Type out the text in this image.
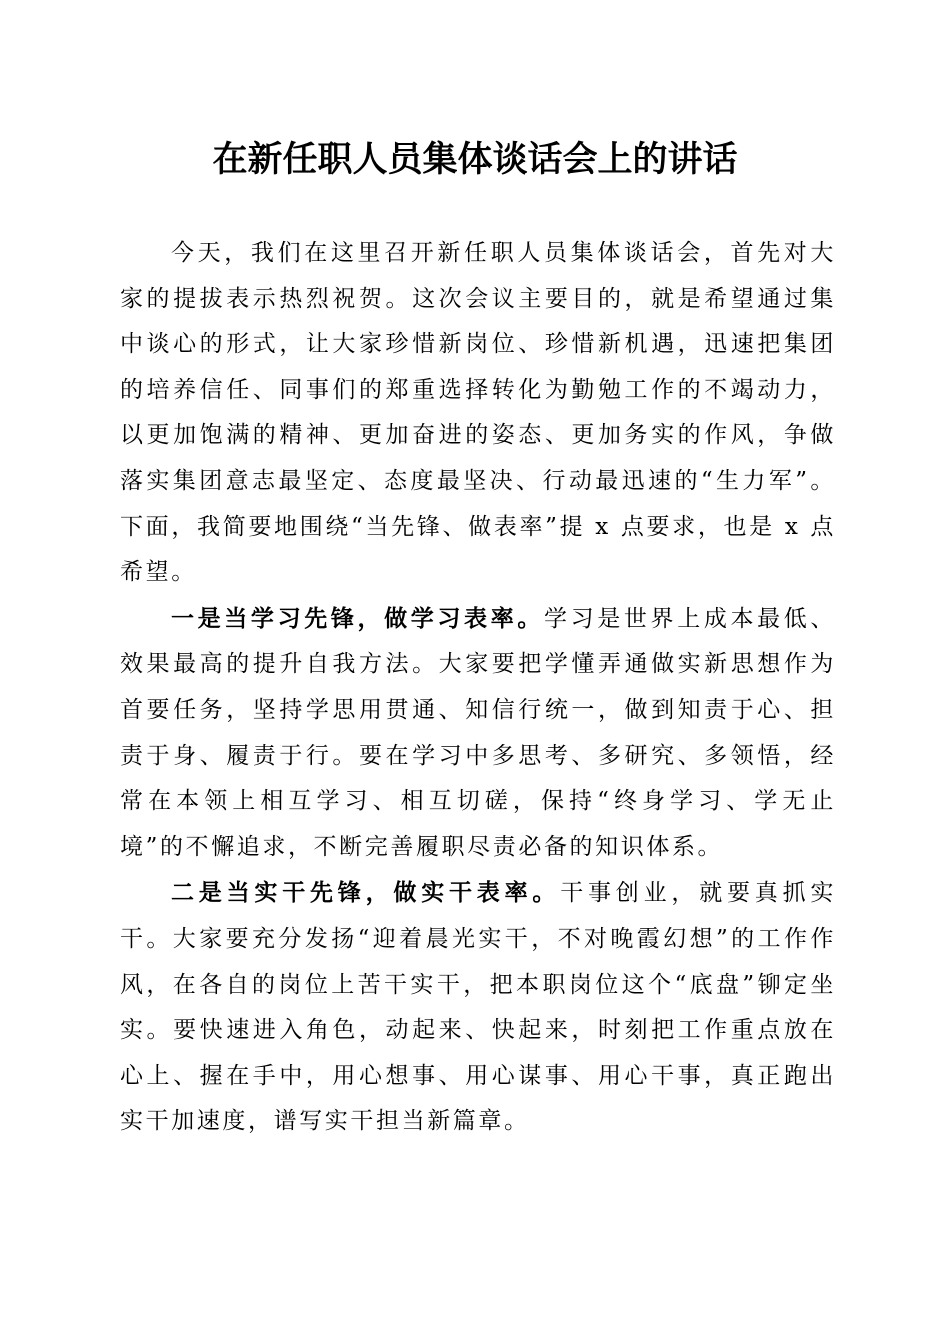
在新任职人员集体谈话会上的讲话

今天，我们在这里召开新任职人员集体谈话会，首先对大家的提拔表示热烈祝贺。这次会议主要目的，就是希望通过集中谈心的形式，让大家珍惜新岗位、珍惜新机遇，迅速把集团的培养信任、同事们的郑重选择转化为勤勉工作的不竭动力，以更加饱满的精神、更加奋进的姿态、更加务实的作风，争做落实集团意志最坚定、态度最坚决、行动最迅速的“生力军”。下面，我简要地围绕“当先锋、做表率”提 x 点要求，也是 x 点希望。

一是当学习先锋，做学习表率。学习是世界上成本最低、效果最高的提升自我方法。大家要把学懂弄通做实新思想作为首要任务，坚持学思用贯通、知信行统一，做到知责于心、担责于身、履责于行。要在学习中多思考、多研究、多领悟，经常在本领上相互学习、相互切磋，保持“终身学习、学无止境”的不懈追求，不断完善履职尽责必备的知识体系。

二是当实干先锋，做实干表率。干事创业，就要真抓实干。大家要充分发扬“迎着晨光实干，不对晚霞幻想”的工作作风，在各自的岗位上苦干实干，把本职岗位这个“底盘”铆定坐实。要快速进入角色，动起来、快起来，时刻把工作重点放在心上、握在手中，用心想事、用心谋事、用心干事，真正跑出实干加速度，谱写实干担当新篇章。
